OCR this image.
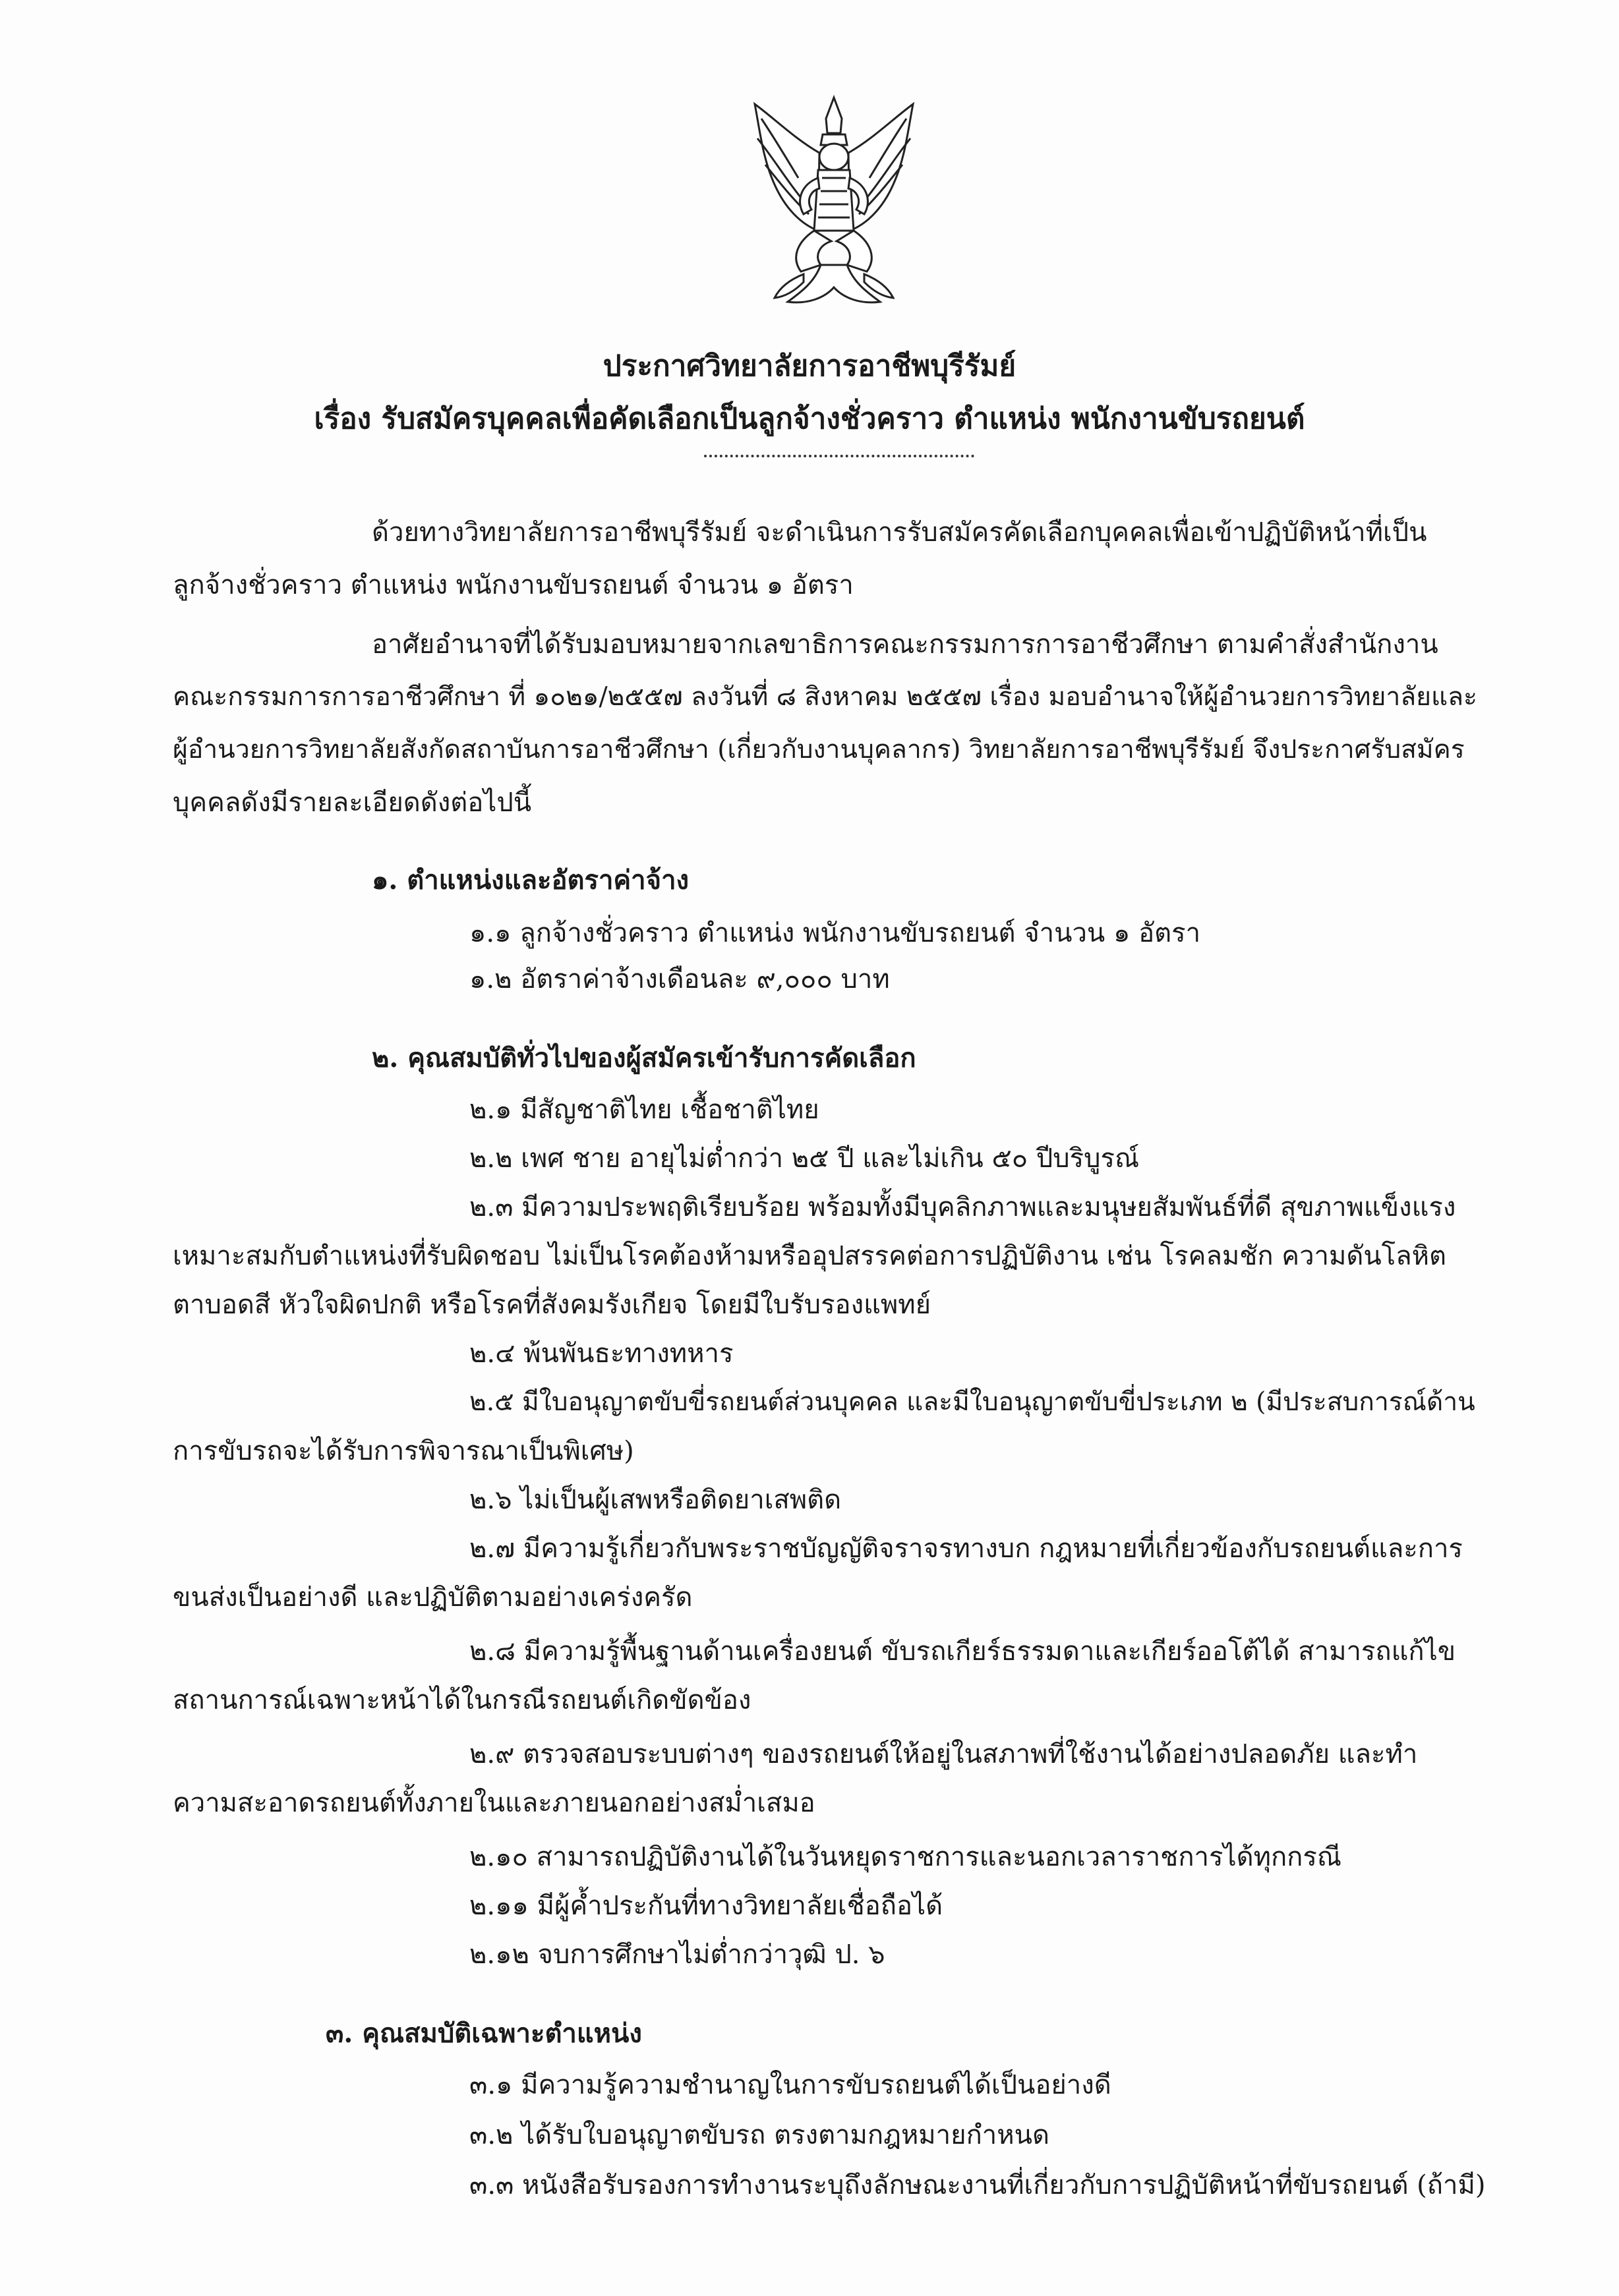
ประกาศวิทยาลัยการอาชีพบุรีรัมย์
เรื่อง รับสมัครบุคคลเพื่อคัดเลือกเป็นลูกจ้างชั่วคราว ตำแหน่ง พนักงานขับรถยนต์
ด้วยทางวิทยาลัยการอาชีพบุรีรัมย์ จะดำเนินการรับสมัครคัดเลือกบุคคลเพื่อเข้าปฏิบัติหน้าที่เป็น
ลูกจ้างชั่วคราว ตำแหน่ง พนักงานขับรถยนต์ จำนวน ๑ อัตรา
อาศัยอำนาจที่ได้รับมอบหมายจากเลขาธิการคณะกรรมการการอาชีวศึกษา ตามคำสั่งสำนักงาน
คณะกรรมการการอาชีวศึกษา ที่ ๑๐๒๑/๒๕๕๗ ลงวันที่ ๘ สิงหาคม ๒๕๕๗ เรื่อง มอบอำนาจให้ผู้อำนวยการวิทยาลัยและ
ผู้อำนวยการวิทยาลัยสังกัดสถาบันการอาชีวศึกษา (เกี่ยวกับงานบุคลากร) วิทยาลัยการอาชีพบุรีรัมย์ จึงประกาศรับสมัคร
บุคคลดังมีรายละเอียดดังต่อไปนี้
๑. ตำแหน่งและอัตราค่าจ้าง
๑.๑ ลูกจ้างชั่วคราว ตำแหน่ง พนักงานขับรถยนต์ จำนวน ๑ อัตรา
๑.๒ อัตราค่าจ้างเดือนละ ๙,๐๐๐ บาท
๒. คุณสมบัติทั่วไปของผู้สมัครเข้ารับการคัดเลือก
๒.๑ มีสัญชาติไทย เชื้อชาติไทย
๒.๒ เพศ ชาย อายุไม่ต่ำกว่า ๒๕ ปี และไม่เกิน ๕๐ ปีบริบูรณ์
๒.๓ มีความประพฤติเรียบร้อย พร้อมทั้งมีบุคลิกภาพและมนุษยสัมพันธ์ที่ดี สุขภาพแข็งแรง
เหมาะสมกับตำแหน่งที่รับผิดชอบ ไม่เป็นโรคต้องห้ามหรืออุปสรรคต่อการปฏิบัติงาน เช่น โรคลมชัก ความดันโลหิต
ตาบอดสี หัวใจผิดปกติ หรือโรคที่สังคมรังเกียจ โดยมีใบรับรองแพทย์
๒.๔ พ้นพันธะทางทหาร
๒.๕ มีใบอนุญาตขับขี่รถยนต์ส่วนบุคคล และมีใบอนุญาตขับขี่ประเภท ๒ (มีประสบการณ์ด้าน
การขับรถจะได้รับการพิจารณาเป็นพิเศษ)
๒.๖ ไม่เป็นผู้เสพหรือติดยาเสพติด
๒.๗ มีความรู้เกี่ยวกับพระราชบัญญัติจราจรทางบก กฎหมายที่เกี่ยวข้องกับรถยนต์และการ
ขนส่งเป็นอย่างดี และปฏิบัติตามอย่างเคร่งครัด
๒.๘ มีความรู้พื้นฐานด้านเครื่องยนต์ ขับรถเกียร์ธรรมดาและเกียร์ออโต้ได้ สามารถแก้ไข
สถานการณ์เฉพาะหน้าได้ในกรณีรถยนต์เกิดขัดข้อง
๒.๙ ตรวจสอบระบบต่างๆ ของรถยนต์ให้อยู่ในสภาพที่ใช้งานได้อย่างปลอดภัย และทำ
ความสะอาดรถยนต์ทั้งภายในและภายนอกอย่างสม่ำเสมอ
๒.๑๐ สามารถปฏิบัติงานได้ในวันหยุดราชการและนอกเวลาราชการได้ทุกกรณี
๒.๑๑ มีผู้ค้ำประกันที่ทางวิทยาลัยเชื่อถือได้
๒.๑๒ จบการศึกษาไม่ต่ำกว่าวุฒิ ป. ๖
๓. คุณสมบัติเฉพาะตำแหน่ง
๓.๑ มีความรู้ความชำนาญในการขับรถยนต์ได้เป็นอย่างดี
๓.๒ ได้รับใบอนุญาตขับรถ ตรงตามกฎหมายกำหนด
๓.๓ หนังสือรับรองการทำงานระบุถึงลักษณะงานที่เกี่ยวกับการปฏิบัติหน้าที่ขับรถยนต์ (ถ้ามี)
